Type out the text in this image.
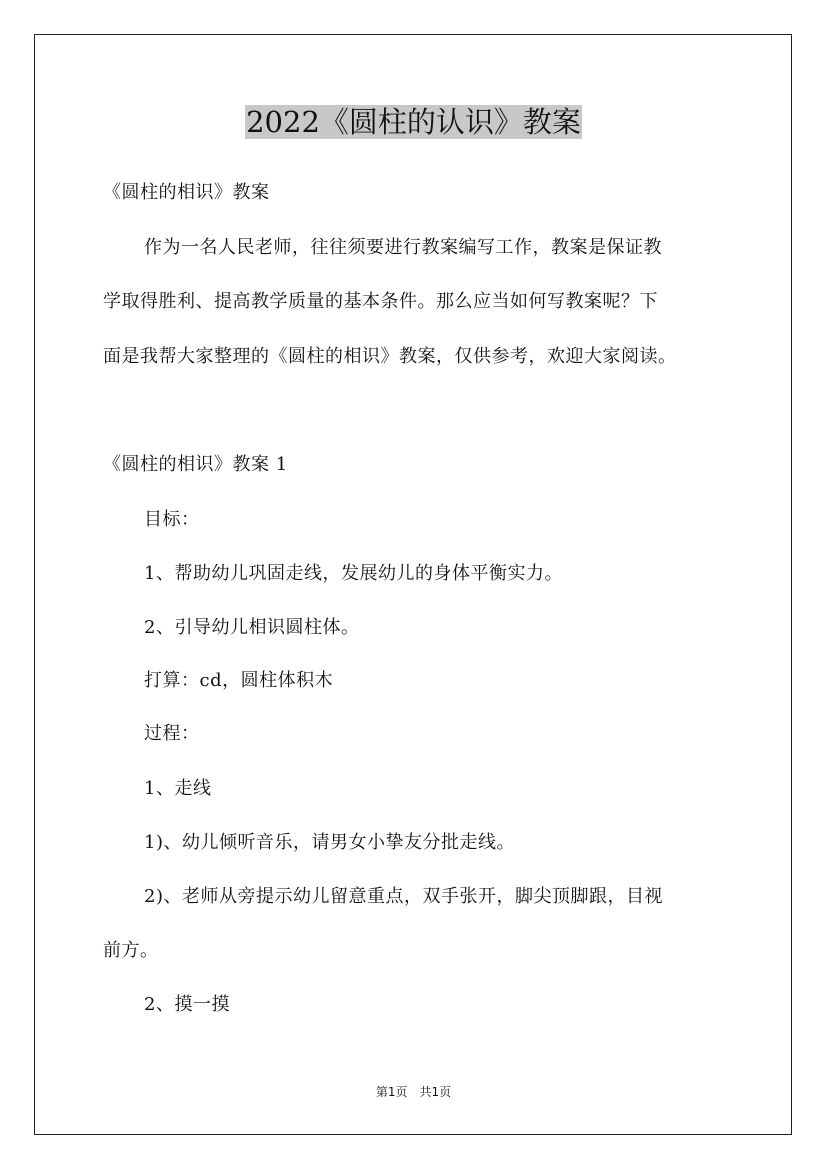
2022《圆柱的认识》教案
《圆柱的相识》教案
作为一名人民老师，往往须要进行教案编写工作，教案是保证教
学取得胜利、提高教学质量的基本条件。那么应当如何写教案呢？下
面是我帮大家整理的《圆柱的相识》教案，仅供参考，欢迎大家阅读。
《圆柱的相识》教案 1
目标：
1、帮助幼儿巩固走线，发展幼儿的身体平衡实力。
2、引导幼儿相识圆柱体。
打算：cd，圆柱体积木
过程：
1、走线
1)、幼儿倾听音乐，请男女小挚友分批走线。
2)、老师从旁提示幼儿留意重点，双手张开，脚尖顶脚跟，目视
前方。
2、摸一摸
第1页　共1页
